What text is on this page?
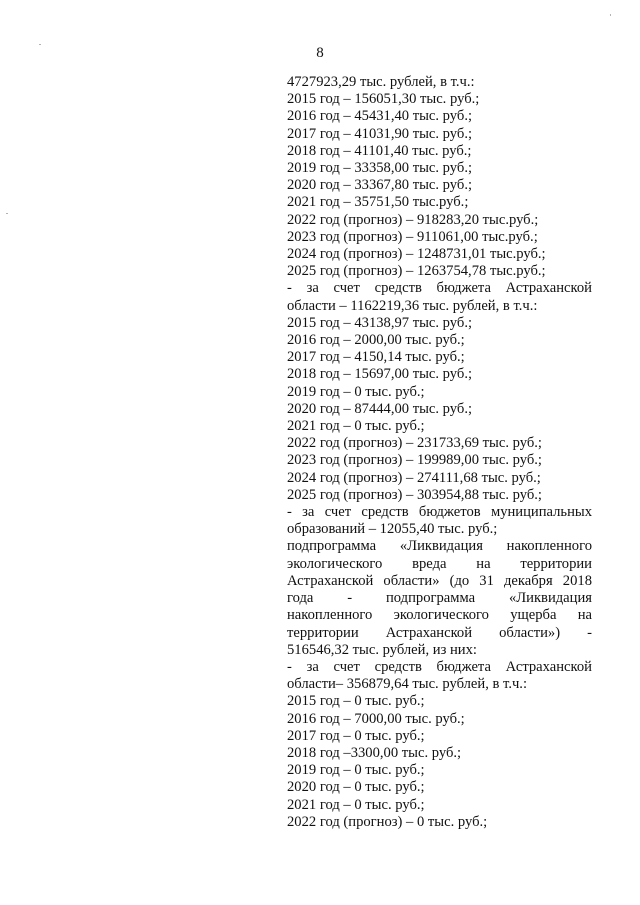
8
4727923,29 тыс. рублей, в т.ч.:
2015 год – 156051,30 тыс. руб.;
2016 год – 45431,40 тыс. руб.;
2017 год – 41031,90 тыс. руб.;
2018 год – 41101,40 тыс. руб.;
2019 год – 33358,00 тыс. руб.;
2020 год – 33367,80 тыс. руб.;
2021 год – 35751,50 тыс.руб.;
2022 год (прогноз) – 918283,20 тыс.руб.;
2023 год (прогноз) – 911061,00 тыс.руб.;
2024 год (прогноз) – 1248731,01 тыс.руб.;
2025 год (прогноз) – 1263754,78 тыс.руб.;
- за счет средств бюджета Астраханской
области – 1162219,36 тыс. рублей, в т.ч.:
2015 год – 43138,97 тыс. руб.;
2016 год – 2000,00 тыс. руб.;
2017 год – 4150,14 тыс. руб.;
2018 год – 15697,00 тыс. руб.;
2019 год – 0 тыс. руб.;
2020 год – 87444,00 тыс. руб.;
2021 год – 0 тыс. руб.;
2022 год (прогноз) – 231733,69 тыс. руб.;
2023 год (прогноз) – 199989,00 тыс. руб.;
2024 год (прогноз) – 274111,68 тыс. руб.;
2025 год (прогноз) – 303954,88 тыс. руб.;
- за счет средств бюджетов муниципальных
образований – 12055,40 тыс. руб.;
подпрограмма «Ликвидация накопленного
экологического вреда на территории
Астраханской области» (до 31 декабря 2018
года - подпрограмма «Ликвидация
накопленного экологического ущерба на
территории Астраханской области») -
516546,32 тыс. рублей, из них:
- за счет средств бюджета Астраханской
области– 356879,64 тыс. рублей, в т.ч.:
2015 год – 0 тыс. руб.;
2016 год – 7000,00 тыс. руб.;
2017 год – 0 тыс. руб.;
2018 год –3300,00 тыс. руб.;
2019 год – 0 тыс. руб.;
2020 год – 0 тыс. руб.;
2021 год – 0 тыс. руб.;
2022 год (прогноз) – 0 тыс. руб.;
